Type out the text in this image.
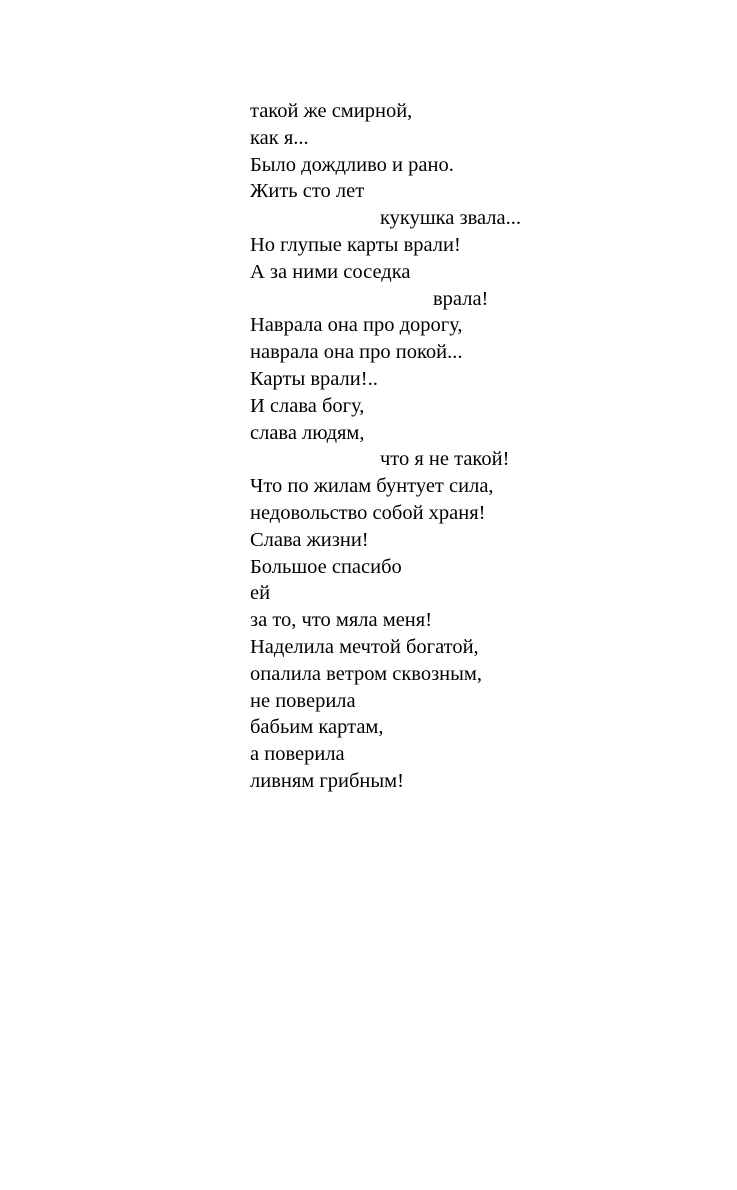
такой же смирной,
как я...
Было дождливо и рано.
Жить сто лет
кукушка звала...
Но глупые карты врали!
А за ними соседка
врала!
Наврала она про дорогу,
наврала она про покой...
Карты врали!..
И слава богу,
слава людям,
что я не такой!
Что по жилам бунтует сила,
недовольство собой храня!
Слава жизни!
Большое спасибо
ей
за то, что мяла меня!
Наделила мечтой богатой,
опалила ветром сквозным,
не поверила
бабьим картам,
а поверила
ливням грибным!
